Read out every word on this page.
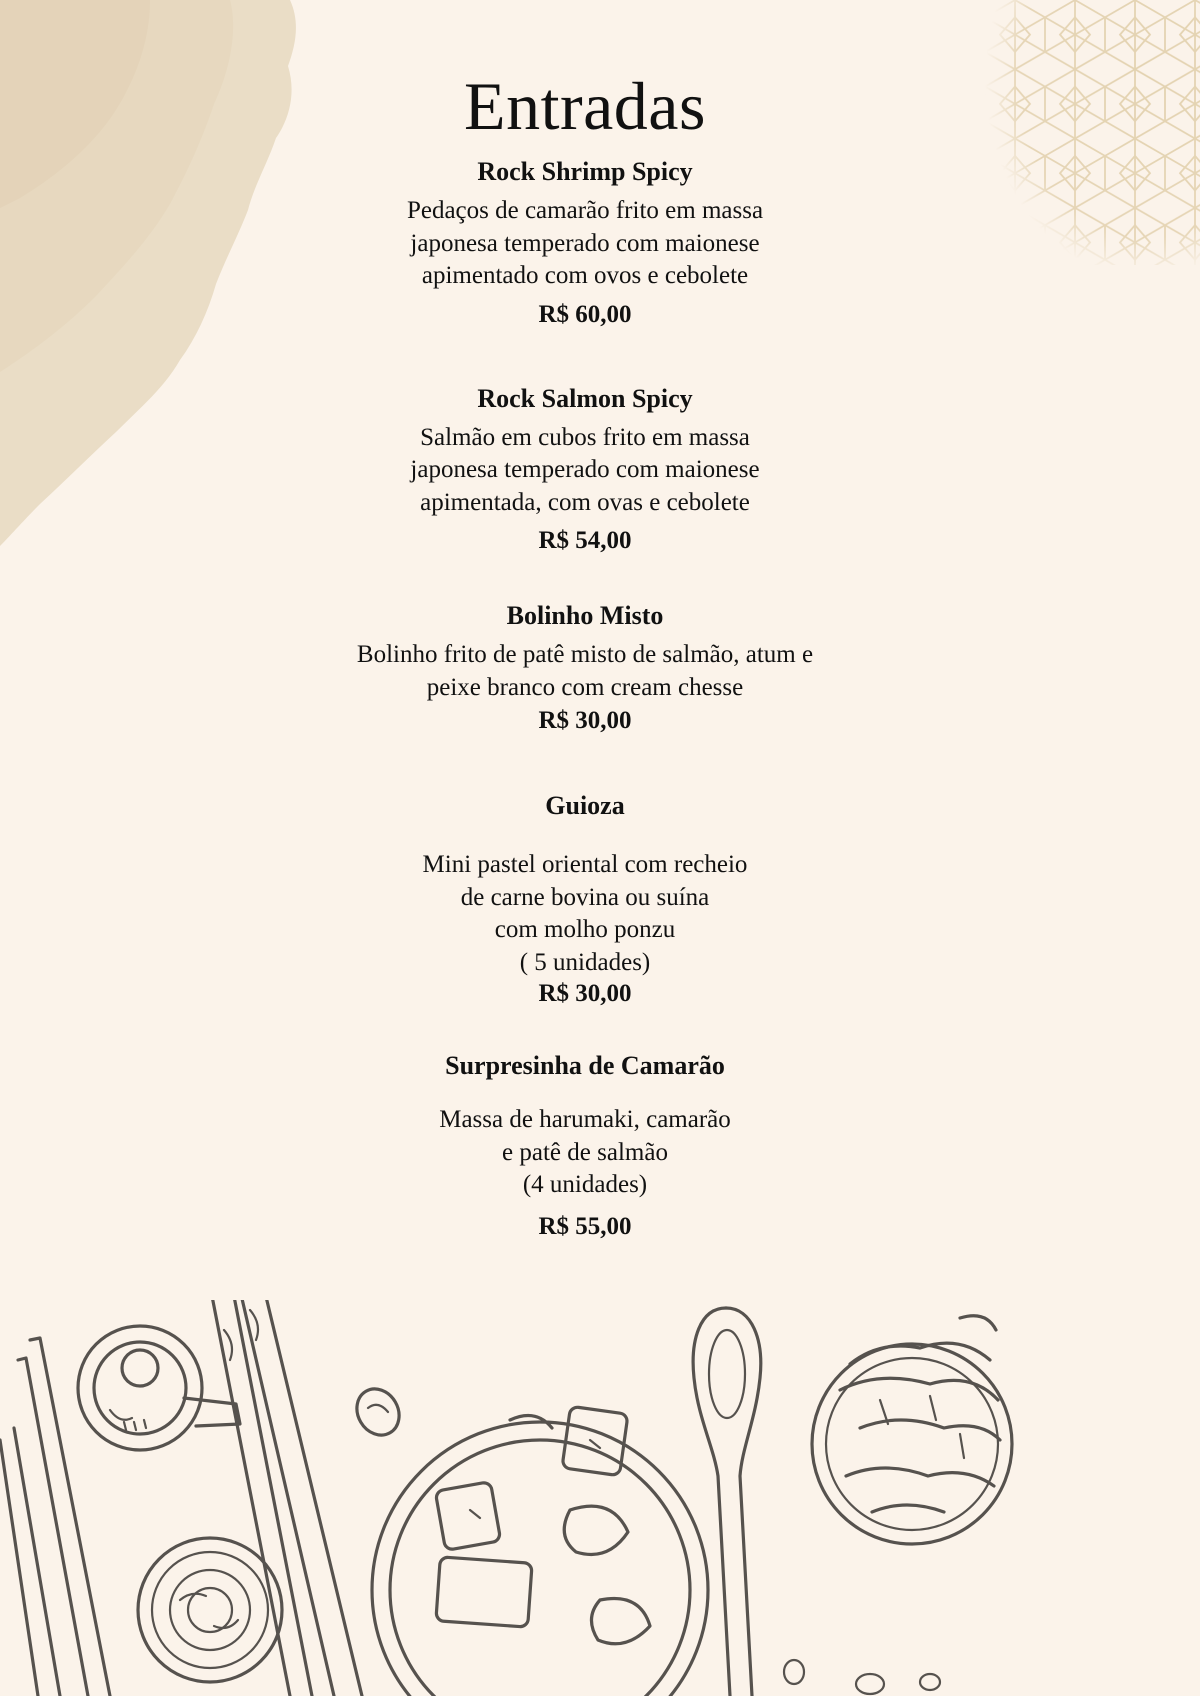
Entradas
Rock Shrimp Spicy
Pedaços de camarão frito em massa
japonesa temperado com maionese
apimentado com ovos e cebolete

R$ 60,00

Rock Salmon Spicy
Salmão em cubos frito em massa
japonesa temperado com maionese
apimentada, com ovas e cebolete

R$ 54,00

Bolinho Misto
Bolinho frito de patê misto de salmão, atum e
peixe branco com cream chesse

R$ 30,00

Guioza
Mini pastel oriental com recheio
de carne bovina ou suína
com molho ponzu
( 5 unidades)

R$ 30,00

Surpresinha de Camarão
Massa de harumaki, camarão
e patê de salmão
(4 unidades)

R$ 55,00
